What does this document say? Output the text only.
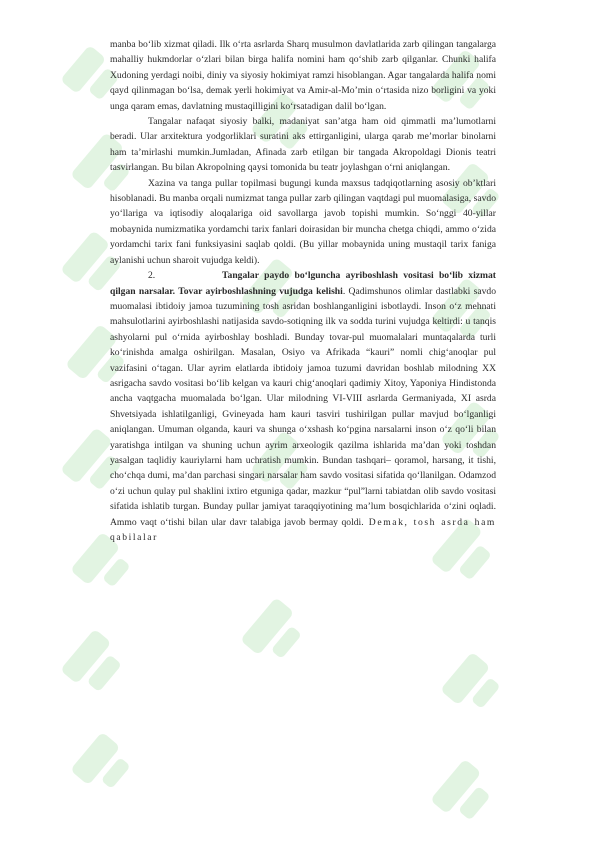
manba bo‘lib xizmat qiladi. Ilk o‘rta asrlarda Sharq musulmon davlatlarida zarb qilingan tangalarga mahalliy hukmdorlar o‘zlari bilan birga halifa nomini ham qo‘shib zarb qilganlar. Chunki halifa Xudoning yerdagi noibi, diniy va siyosiy hokimiyat ramzi hisoblangan. Agar tangalarda halifa nomi qayd qilinmagan bo‘lsa, demak yerli hokimiyat va Amir-al-Mo’min o‘rtasida nizo borligini va yoki unga qaram emas, davlatning mustaqilligini ko‘rsatadigan dalil bo‘lgan.

Tangalar nafaqat siyosiy balki, madaniyat san’atga ham oid qimmatli ma’lumotlarni beradi. Ular arxitektura yodgorliklari suratini aks ettirganligini, ularga qarab me’morlar binolarni ham ta’mirlashi mumkin.Jumladan, Afinada zarb etilgan bir tangada Akropoldagi Dionis teatri tasvirlangan. Bu bilan Akropolning qaysi tomonida bu teatr joylashgan o‘rni aniqlangan.

Xazina va tanga pullar topilmasi bugungi kunda maxsus tadqiqotlarning asosiy ob’ktlari hisoblanadi. Bu manba orqali numizmat tanga pullar zarb qilingan vaqtdagi pul muomalasiga, savdo yo‘llariga va iqtisodiy aloqalariga oid savollarga javob topishi mumkin. So‘nggi 40-yillar mobaynida numizmatika yordamchi tarix fanlari doirasidan bir muncha chetga chiqdi, ammo o‘zida yordamchi tarix fani funksiyasini saqlab qoldi. (Bu yillar mobaynida uning mustaqil tarix faniga aylanishi uchun sharoit vujudga keldi).

2.	Tangalar paydo bo‘lguncha ayriboshlash vositasi bo‘lib xizmat qilgan narsalar. Tovar ayirboshlashning vujudga kelishi. Qadimshunos olimlar dastlabki savdo muomalasi ibtidoiy jamoa tuzumining tosh asridan boshlanganligini isbotlaydi. Inson o‘z mehnati mahsulotlarini ayirboshlashi natijasida savdo-sotiqning ilk va sodda turini vujudga keltirdi: u tanqis ashyolarni pul o‘rnida ayirboshlay boshladi. Bunday tovar-pul muomalalari muntaqalarda turli ko‘rinishda amalga oshirilgan. Masalan, Osiyo va Afrikada “kauri” nomli chig‘anoqlar pul vazifasini o‘tagan. Ular ayrim elatlarda ibtidoiy jamoa tuzumi davridan boshlab milodning XX asrigacha savdo vositasi bo‘lib kelgan va kauri chig‘anoqlari qadimiy Xitoy, Yaponiya Hindistonda ancha vaqtgacha muomalada bo‘lgan. Ular milodning VI-VIII asrlarda Germaniyada, XI asrda Shvetsiyada ishlatilganligi, Gvineyada ham kauri tasviri tushirilgan pullar mavjud bo‘lganligi aniqlangan. Umuman olganda, kauri va shunga o‘xshash ko‘pgina narsalarni inson o‘z qo‘li bilan yaratishga intilgan va shuning uchun ayrim arxeologik qazilma ishlarida ma’dan yoki toshdan yasalgan taqlidiy kauriylarni ham uchratish mumkin. Bundan tashqari– qoramol, harsang, it tishi, cho‘chqa dumi, ma’dan parchasi singari narsalar ham savdo vositasi sifatida qo‘llanilgan. Odamzod o‘zi uchun qulay pul shaklini ixtiro etguniga qadar, mazkur “pul”larni tabiatdan olib savdo vositasi sifatida ishlatib turgan. Bunday pullar jamiyat taraqqiyotining ma’lum bosqichlarida o‘zini oqladi. Ammo vaqt o‘tishi bilan ular davr talabiga javob bermay qoldi. Demak, tosh asrda ham qabilalar
